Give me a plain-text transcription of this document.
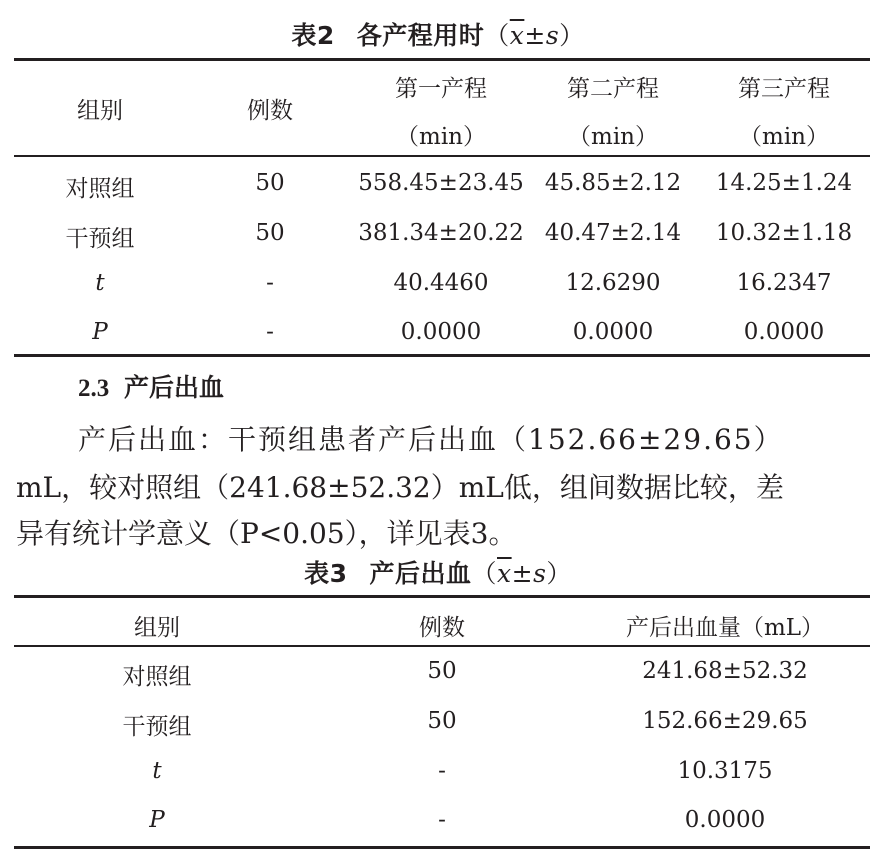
表2 各产程用时$(\overline{x}\pm s)$
组别	例数
第一产程	第二产程	第三产程
（min）	（min）	（min）
对照组	50	558.45±23.45 45.85±2.12 14.25±1.24
干预组	50	381.34±20.22 40.47±2.14 10.32±1.18
t	-	40.4460	12.6290	16.2347
P	-	0.0000	0.0000	0.0000
2.3 产后出血
产后出血：干预组患者产后出血（152.66±29.65）
mL，较对照组（241.68±52.32）mL低，组间数据比较，差
异有统计学意义（P<0.05），详见表3。
表3 产后出血$(\overline{x}\pm s)$
组别	例数	产后出血量（mL）
对照组	50	241.68±52.32
干预组	50	152.66±29.65
t	-	10.3175
P	-	0.0000
